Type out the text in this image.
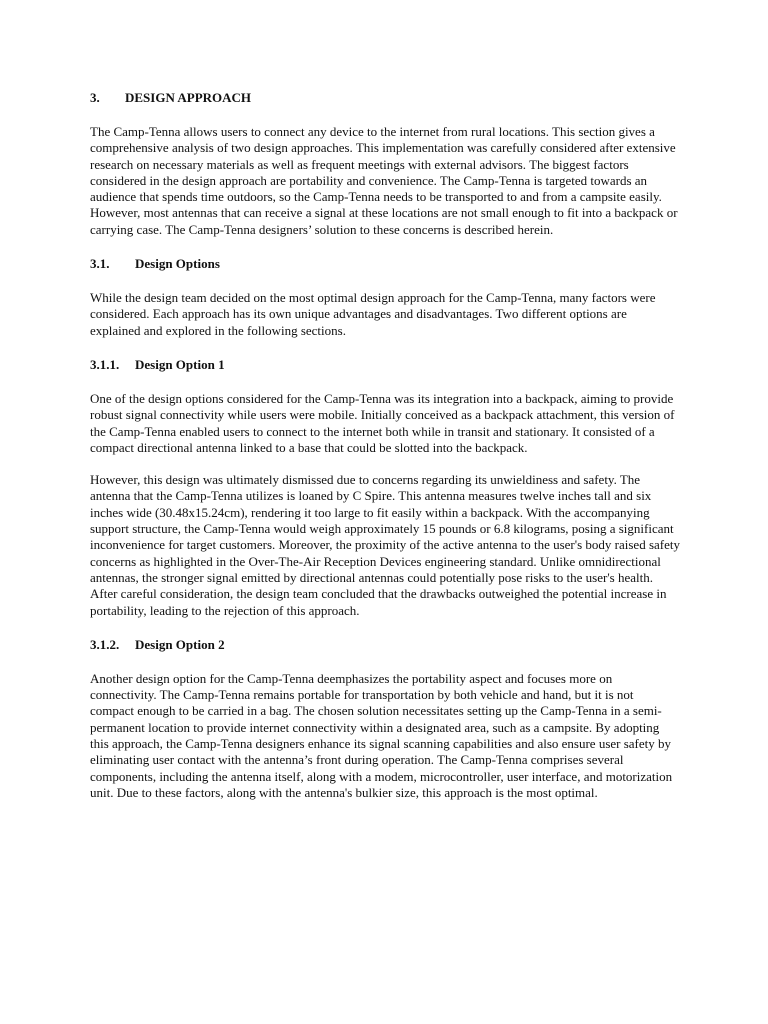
3. DESIGN APPROACH

The Camp-Tenna allows users to connect any device to the internet from rural locations. This section gives a comprehensive analysis of two design approaches. This implementation was carefully considered after extensive research on necessary materials as well as frequent meetings with external advisors. The biggest factors considered in the design approach are portability and convenience. The Camp-Tenna is targeted towards an audience that spends time outdoors, so the Camp-Tenna needs to be transported to and from a campsite easily. However, most antennas that can receive a signal at these locations are not small enough to fit into a backpack or carrying case. The Camp-Tenna designers’ solution to these concerns is described herein.

3.1. Design Options

While the design team decided on the most optimal design approach for the Camp-Tenna, many factors were considered. Each approach has its own unique advantages and disadvantages. Two different options are explained and explored in the following sections.

3.1.1. Design Option 1

One of the design options considered for the Camp-Tenna was its integration into a backpack, aiming to provide robust signal connectivity while users were mobile. Initially conceived as a backpack attachment, this version of the Camp-Tenna enabled users to connect to the internet both while in transit and stationary. It consisted of a compact directional antenna linked to a base that could be slotted into the backpack.

However, this design was ultimately dismissed due to concerns regarding its unwieldiness and safety. The antenna that the Camp-Tenna utilizes is loaned by C Spire. This antenna measures twelve inches tall and six inches wide (30.48x15.24cm), rendering it too large to fit easily within a backpack. With the accompanying support structure, the Camp-Tenna would weigh approximately 15 pounds or 6.8 kilograms, posing a significant inconvenience for target customers. Moreover, the proximity of the active antenna to the user's body raised safety concerns as highlighted in the Over-The-Air Reception Devices engineering standard. Unlike omnidirectional antennas, the stronger signal emitted by directional antennas could potentially pose risks to the user's health. After careful consideration, the design team concluded that the drawbacks outweighed the potential increase in portability, leading to the rejection of this approach.

3.1.2. Design Option 2

Another design option for the Camp-Tenna deemphasizes the portability aspect and focuses more on connectivity. The Camp-Tenna remains portable for transportation by both vehicle and hand, but it is not compact enough to be carried in a bag. The chosen solution necessitates setting up the Camp-Tenna in a semi-permanent location to provide internet connectivity within a designated area, such as a campsite. By adopting this approach, the Camp-Tenna designers enhance its signal scanning capabilities and also ensure user safety by eliminating user contact with the antenna’s front during operation. The Camp-Tenna comprises several components, including the antenna itself, along with a modem, microcontroller, user interface, and motorization unit. Due to these factors, along with the antenna's bulkier size, this approach is the most optimal.
